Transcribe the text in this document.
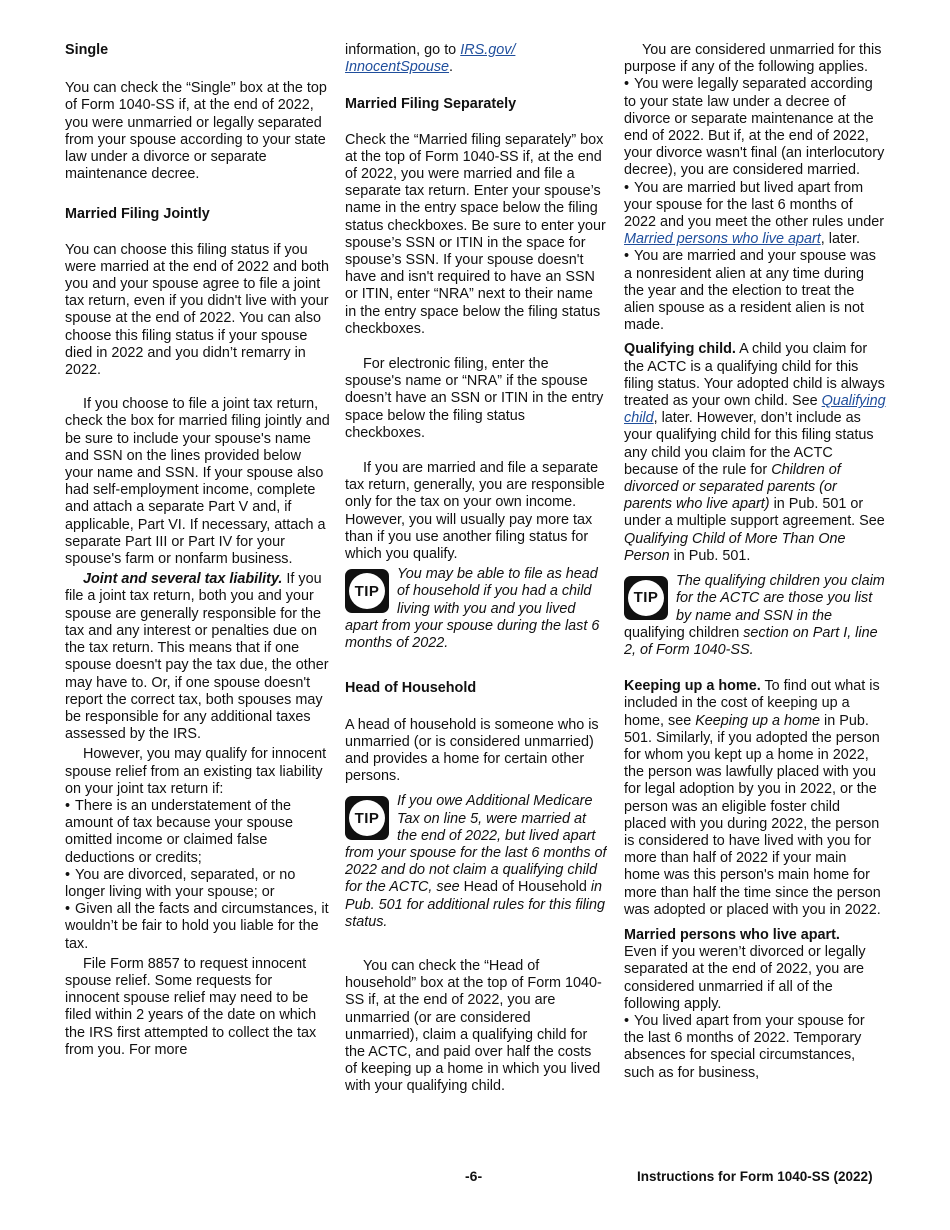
Single

You can check the “Single” box at the top of Form 1040-SS if, at the end of 2022, you were unmarried or legally separated from your spouse according to your state law under a divorce or separate maintenance decree.

Married Filing Jointly

You can choose this filing status if you were married at the end of 2022 and both you and your spouse agree to file a joint tax return, even if you didn't live with your spouse at the end of 2022. You can also choose this filing status if your spouse died in 2022 and you didn’t remarry in 2022.

If you choose to file a joint tax return, check the box for married filing jointly and be sure to include your spouse's name and SSN on the lines provided below your name and SSN. If your spouse also had self-employment income, complete and attach a separate Part V and, if applicable, Part VI. If necessary, attach a separate Part III or Part IV for your spouse's farm or nonfarm business.

Joint and several tax liability. If you file a joint tax return, both you and your spouse are generally responsible for the tax and any interest or penalties due on the tax return. This means that if one spouse doesn't pay the tax due, the other may have to. Or, if one spouse doesn't report the correct tax, both spouses may be responsible for any additional taxes assessed by the IRS.

However, you may qualify for innocent spouse relief from an existing tax liability on your joint tax return if:

• There is an understatement of the amount of tax because your spouse omitted income or claimed false deductions or credits;

• You are divorced, separated, or no longer living with your spouse; or

• Given all the facts and circumstances, it wouldn’t be fair to hold you liable for the tax.

File Form 8857 to request innocent spouse relief. Some requests for innocent spouse relief may need to be filed within 2 years of the date on which the IRS first attempted to collect the tax from you. For more

information, go to IRS.gov/ InnocentSpouse.

Married Filing Separately

Check the “Married filing separately” box at the top of Form 1040-SS if, at the end of 2022, you were married and file a separate tax return. Enter your spouse’s name in the entry space below the filing status checkboxes. Be sure to enter your spouse’s SSN or ITIN in the space for spouse’s SSN. If your spouse doesn't have and isn't required to have an SSN or ITIN, enter “NRA” next to their name in the entry space below the filing status checkboxes.

For electronic filing, enter the spouse's name or “NRA” if the spouse doesn’t have an SSN or ITIN in the entry space below the filing status checkboxes.

If you are married and file a separate tax return, generally, you are responsible only for the tax on your own income. However, you will usually pay more tax than if you use another filing status for which you qualify.

TIP

You may be able to file as head of household if you had a child living with you and you lived apart from your spouse during the last 6 months of 2022.

Head of Household

A head of household is someone who is unmarried (or is considered unmarried) and provides a home for certain other persons.

TIP

If you owe Additional Medicare Tax on line 5, were married at the end of 2022, but lived apart from your spouse for the last 6 months of 2022 and do not claim a qualifying child for the ACTC, see Head of Household in Pub. 501 for additional rules for this filing status.

You can check the “Head of household” box at the top of Form 1040-SS if, at the end of 2022, you are unmarried (or are considered unmarried), claim a qualifying child for the ACTC, and paid over half the costs of keeping up a home in which you lived with your qualifying child.

You are considered unmarried for this purpose if any of the following applies.

• You were legally separated according to your state law under a decree of divorce or separate maintenance at the end of 2022. But if, at the end of 2022, your divorce wasn't final (an interlocutory decree), you are considered married.

• You are married but lived apart from your spouse for the last 6 months of 2022 and you meet the other rules under Married persons who live apart, later.

• You are married and your spouse was a nonresident alien at any time during the year and the election to treat the alien spouse as a resident alien is not made.

Qualifying child. A child you claim for the ACTC is a qualifying child for this filing status. Your adopted child is always treated as your own child. See Qualifying child, later. However, don’t include as your qualifying child for this filing status any child you claim for the ACTC because of the rule for Children of divorced or separated parents (or parents who live apart) in Pub. 501 or under a multiple support agreement. See Qualifying Child of More Than One Person in Pub. 501.

TIP

The qualifying children you claim for the ACTC are those you list by name and SSN in the qualifying children section on Part I, line 2, of Form 1040-SS.

Keeping up a home. To find out what is included in the cost of keeping up a home, see Keeping up a home in Pub. 501. Similarly, if you adopted the person for whom you kept up a home in 2022, the person was lawfully placed with you for legal adoption by you in 2022, or the person was an eligible foster child placed with you during 2022, the person is considered to have lived with you for more than half of 2022 if your main home was this person's main home for more than half the time since the person was adopted or placed with you in 2022.

Married persons who live apart.

Even if you weren’t divorced or legally separated at the end of 2022, you are considered unmarried if all of the following apply.

• You lived apart from your spouse for the last 6 months of 2022. Temporary absences for special circumstances, such as for business,

-6-	Instructions for Form 1040-SS (2022)
